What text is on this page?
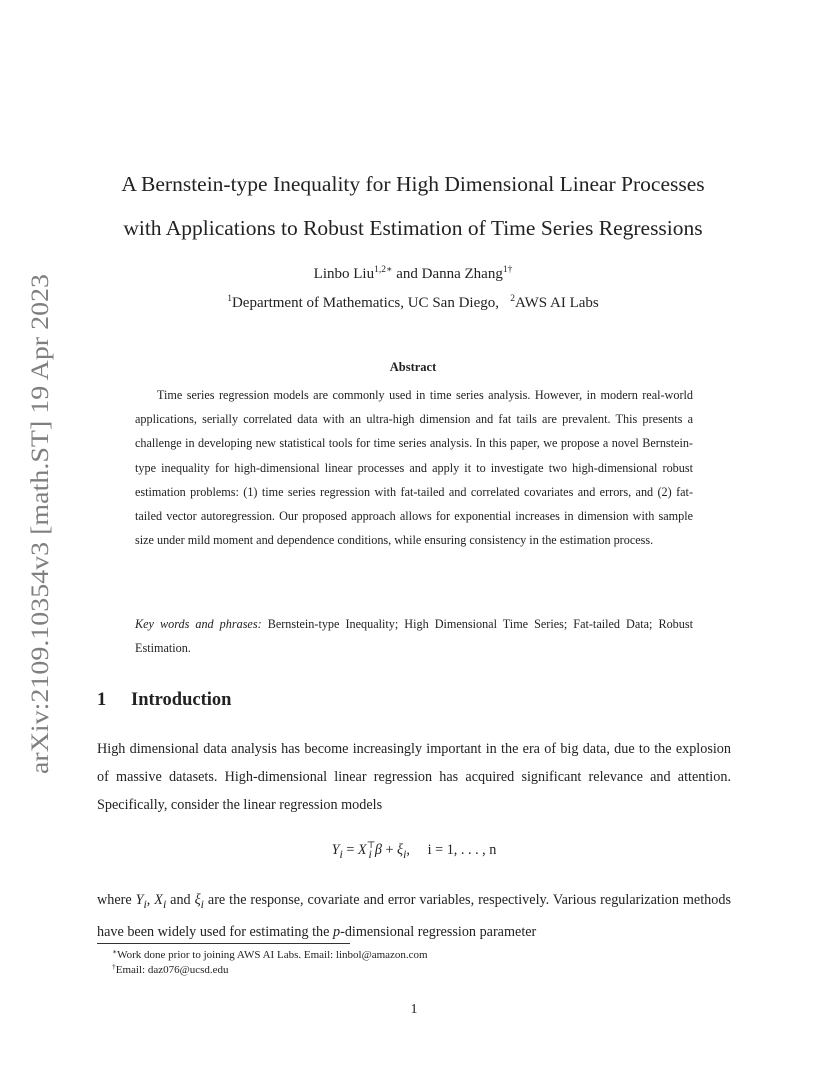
arXiv:2109.10354v3 [math.ST] 19 Apr 2023
A Bernstein-type Inequality for High Dimensional Linear Processes
with Applications to Robust Estimation of Time Series Regressions
Linbo Liu$^{1,2∗}$ and Danna Zhang$^{1\dagger}$
$^1$Department of Mathematics, UC San Diego, $^2$AWS AI Labs
Abstract
Time series regression models are commonly used in time series analysis. However, in modern real-world applications, serially correlated data with an ultra-high dimension and fat tails are prevalent. This presents a challenge in developing new statistical tools for time series analysis. In this paper, we propose a novel Bernstein-type inequality for high-dimensional linear processes and apply it to investigate two high-dimensional robust estimation problems: (1) time series regression with fat-tailed and correlated covariates and errors, and (2) fat-tailed vector autoregression. Our proposed approach allows for exponential increases in dimension with sample size under mild moment and dependence conditions, while ensuring consistency in the estimation process.
Key words and phrases: Bernstein-type Inequality; High Dimensional Time Series; Fat-tailed Data; Robust Estimation.
1 Introduction
High dimensional data analysis has become increasingly important in the era of big data, due to the explosion of massive datasets. High-dimensional linear regression has acquired significant relevance and attention. Specifically, consider the linear regression models
$Y_i = X^⊤_i$ $\beta + \xi_i$,     i = 1, . . . , n
where $Y_i$, $X_i$ and $\xi_i$ are the response, covariate and error variables, respectively. Various regularization methods have been widely used for estimating the p-dimensional regression parameter
∗Work done prior to joining AWS AI Labs. Email: linbol@amazon.com
†Email: daz076@ucsd.edu
1
